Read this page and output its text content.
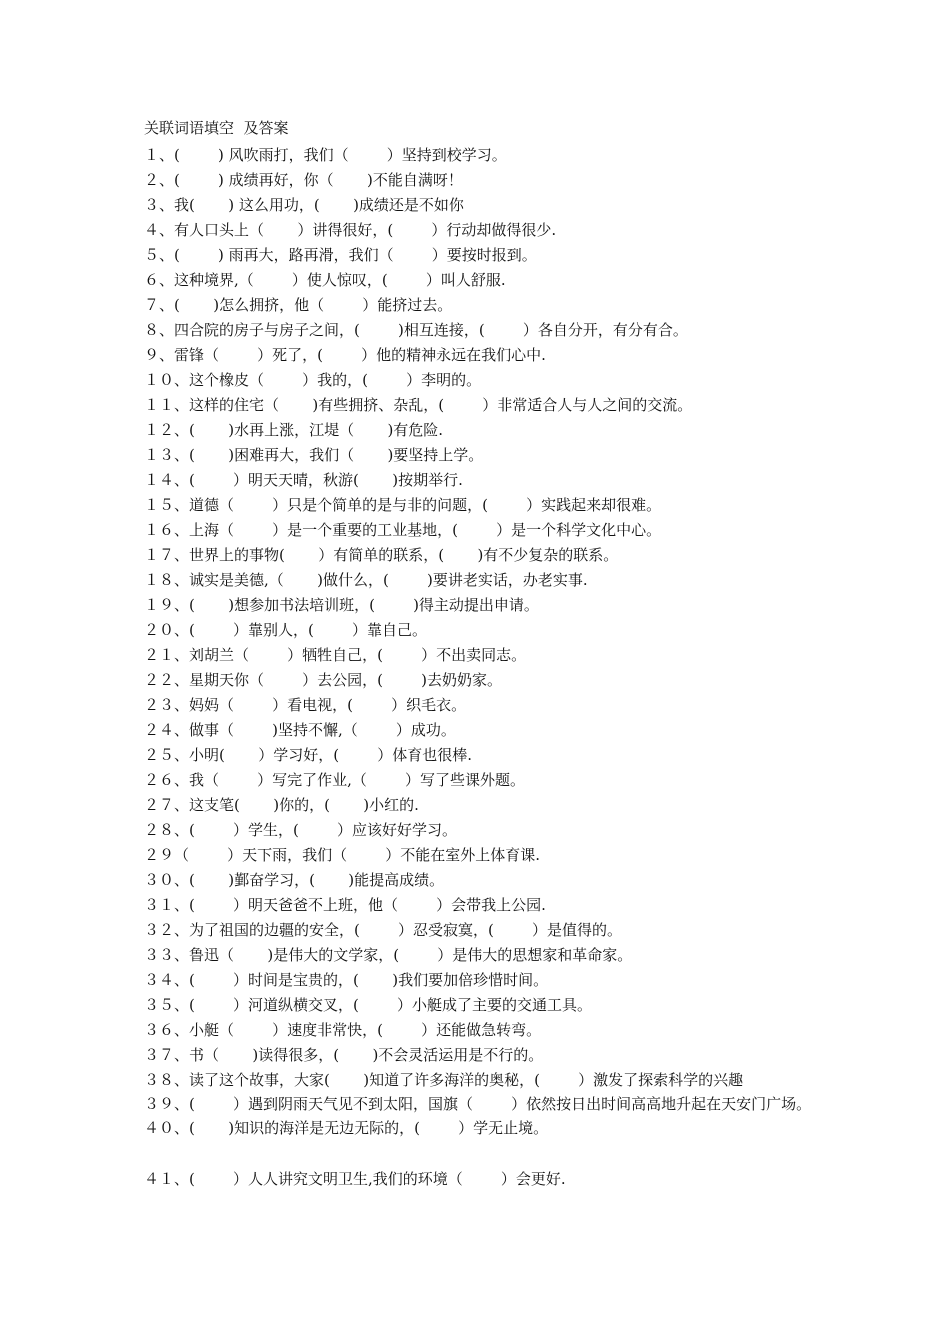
关联词语填空  及答案
１、(        ) 风吹雨打，我们（        ）坚持到校学习。
２、(        ) 成绩再好，你（       )不能自满呀！
３、我(       ) 这么用功，(       )成绩还是不如你
４、有人口头上（       ）讲得很好，(        ）行动却做得很少.
５、(        ) 雨再大，路再滑，我们（        ）要按时报到。
６、这种境界,（        ）使人惊叹，(        ）叫人舒服.
７、(       )怎么拥挤，他（        ）能挤过去。
８、四合院的房子与房子之间，(        )相互连接，(        ）各自分开，有分有合。
９、雷锋（        ）死了，(        ）他的精神永远在我们心中.
１０、这个橡皮（        ）我的，(        ）李明的。
１１、这样的住宅（       )有些拥挤、杂乱，(        ）非常适合人与人之间的交流。
１２、(       )水再上涨，江堤（       )有危险.
１３、(       )困难再大，我们（       )要坚持上学。
１４、(        ）明天天晴，秋游(       )按期举行.
１５、道德（        ）只是个简单的是与非的问题，(        ）实践起来却很难。
１６、上海（        ）是一个重要的工业基地，(        ）是一个科学文化中心。
１７、世界上的事物(       ）有简单的联系，(       )有不少复杂的联系。
１８、诚实是美德,（       )做什么，(        )要讲老实话，办老实事.
１９、(       )想参加书法培训班，(        )得主动提出申请。
２０、(        ）靠别人，(        ）靠自己。
２１、刘胡兰（        ）牺牲自己，(        ）不出卖同志。
２２、星期天你（        ）去公园，(        )去奶奶家。
２３、妈妈（        ）看电视，(        ）织毛衣。
２４、做事（        )坚持不懈,（        ）成功。
２５、小明(       ）学习好，(        ）体育也很棒.
２６、我（        ）写完了作业,（        ）写了些课外题。
２７、这支笔(       )你的，(       )小红的.
２８、(        ）学生，(        ）应该好好学习。
２９（        ）天下雨，我们（        ）不能在室外上体育课.
３０、(       )鄞奋学习，(       )能提高成绩。
３１、(        ）明天爸爸不上班，他（        ）会带我上公园.
３２、为了祖国的边疆的安全，(        ）忍受寂寞，(        ）是值得的。
３３、鲁迅（       )是伟大的文学家，(        ）是伟大的思想家和革命家。
３４、(        ）时间是宝贵的，(       )我们要加倍珍惜时间。
３５、(        ）河道纵横交叉，(        ）小艇成了主要的交通工具。
３６、小艇（        ）速度非常快，(        ）还能做急转弯。
３７、书（       )读得很多，(       )不会灵活运用是不行的。
３８、读了这个故事，大家(       )知道了许多海洋的奥秘，(        ）激发了探索科学的兴趣
３９、(        ）遇到阴雨天气见不到太阳，国旗（        ）依然按日出时间高高地升起在天安门广场。
４０、(       )知识的海洋是无边无际的，(        ）学无止境。
４１、(        ）人人讲究文明卫生,我们的环境（        ）会更好.
